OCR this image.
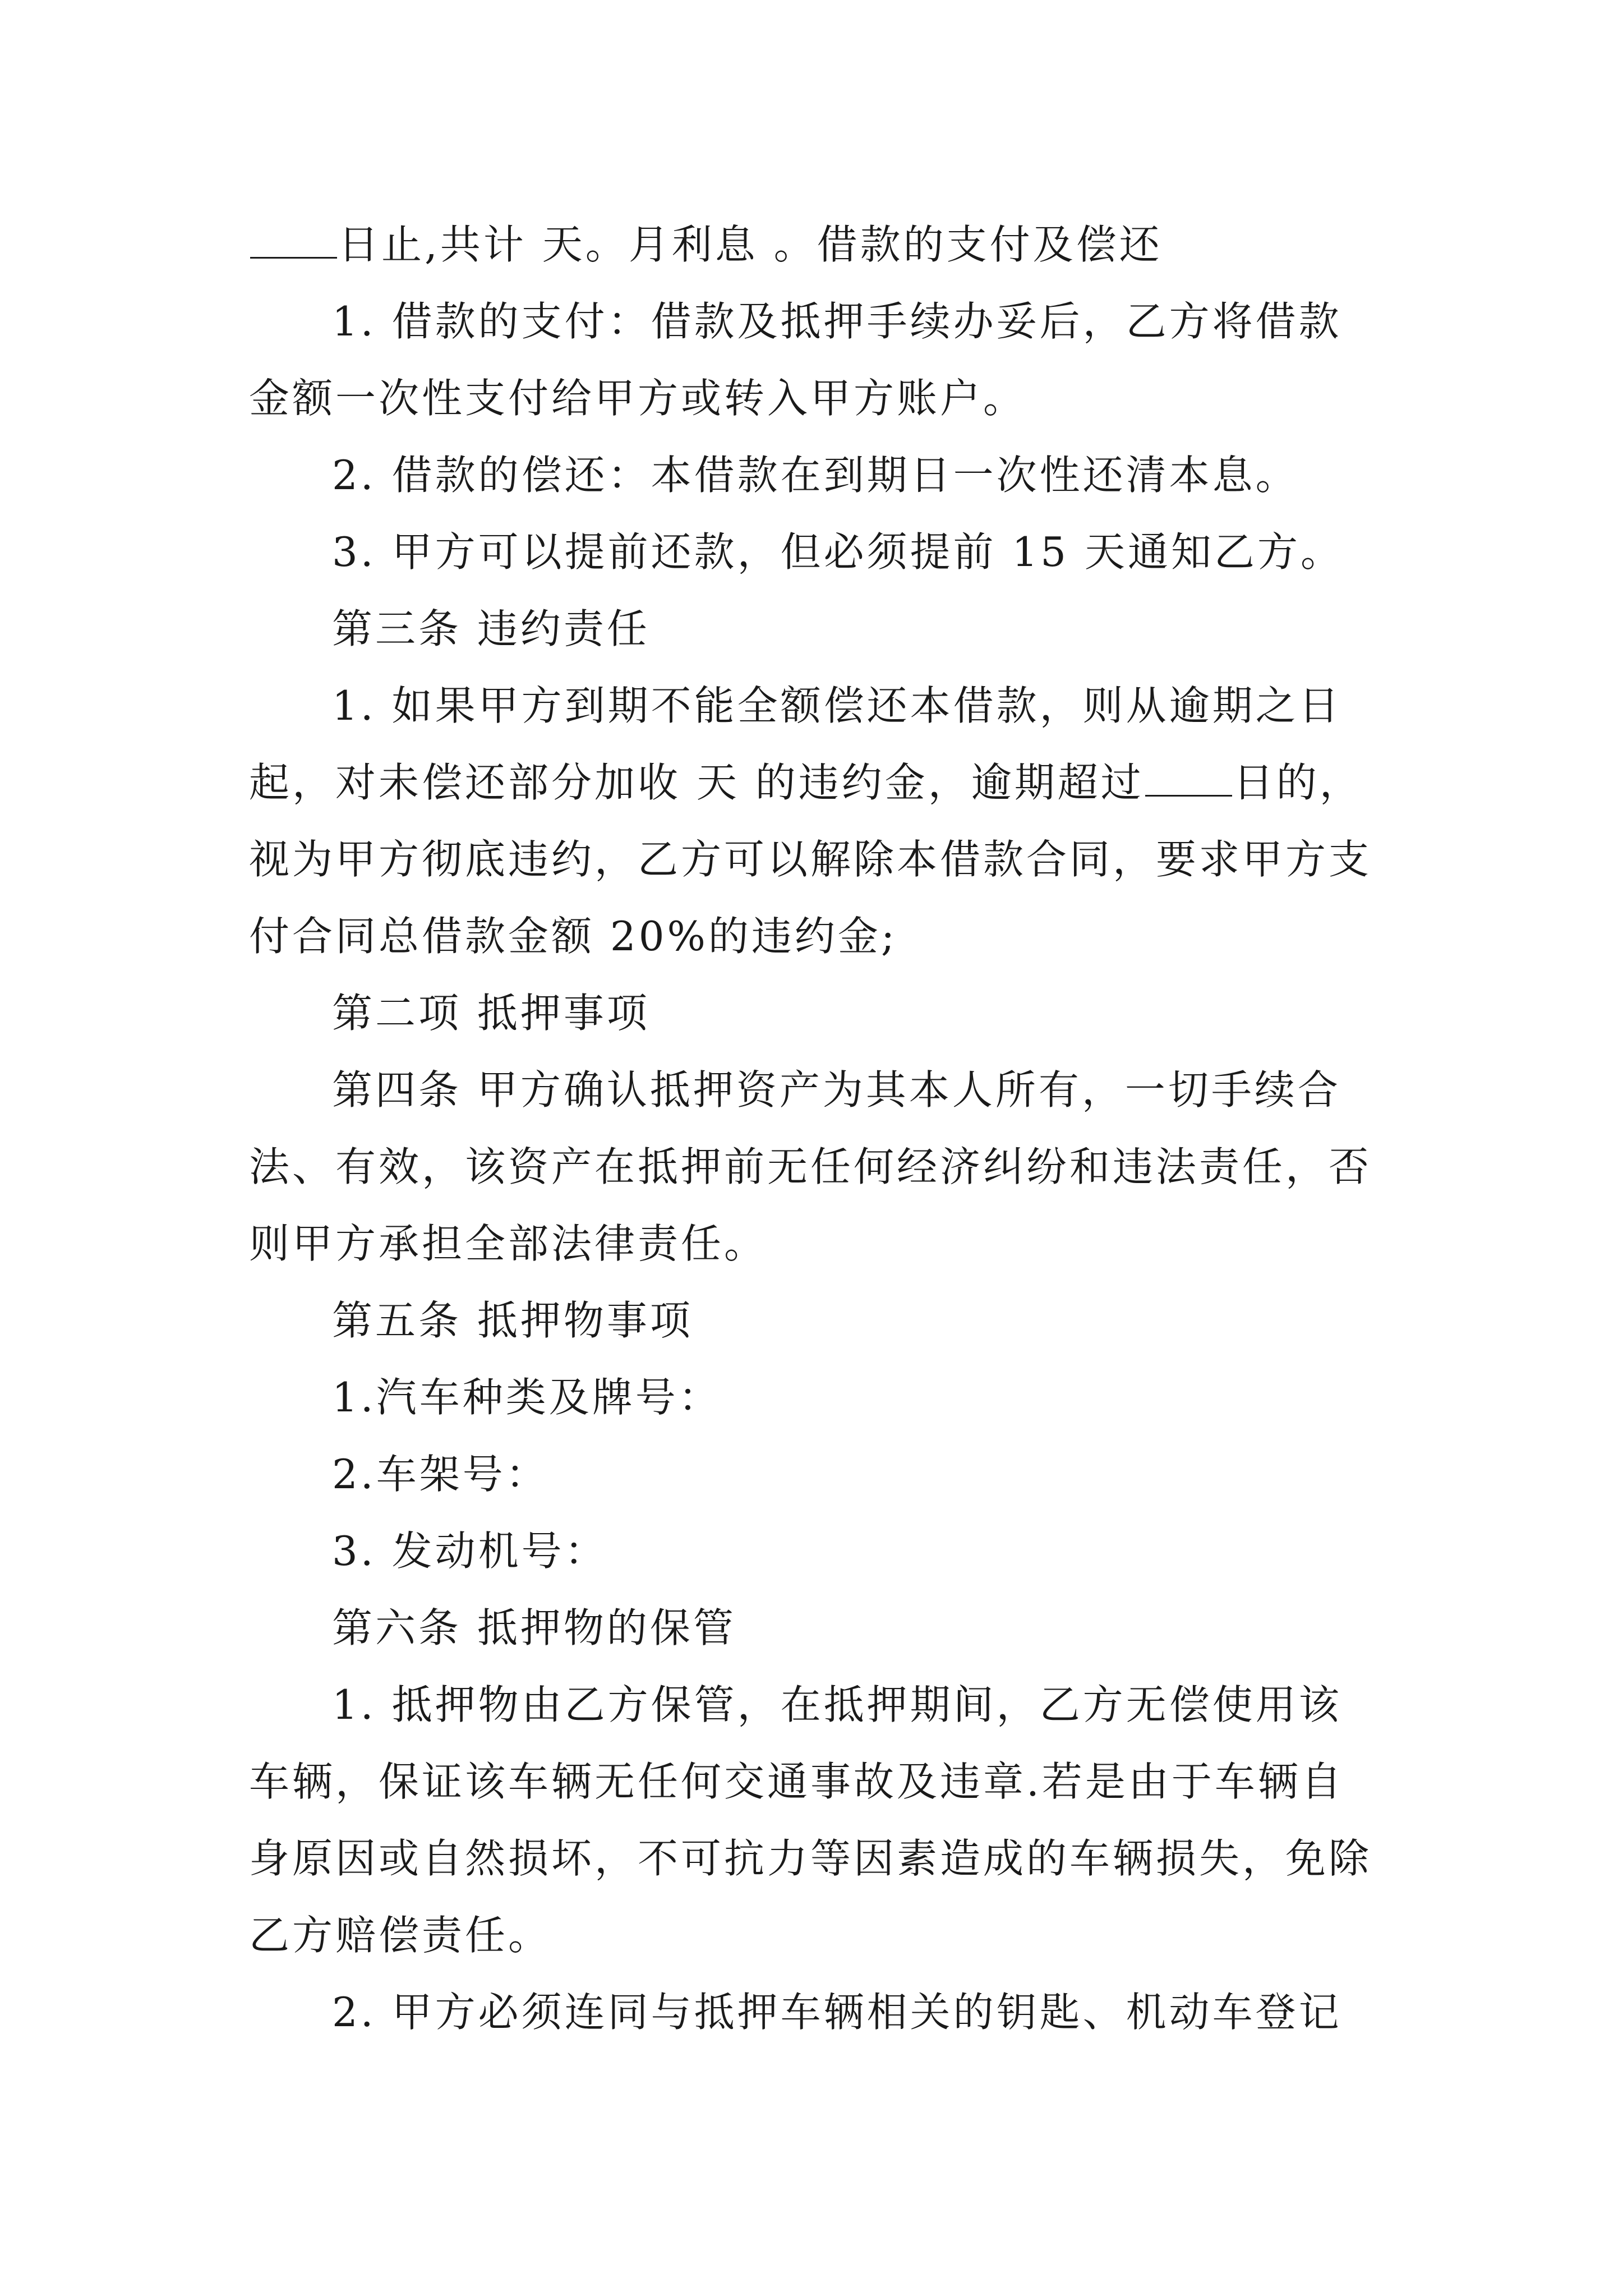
日止,共计 天。月利息 。借款的支付及偿还
1. 借款的支付：借款及抵押手续办妥后，乙方将借款
金额一次性支付给甲方或转入甲方账户。
2. 借款的偿还：本借款在到期日一次性还清本息。
3. 甲方可以提前还款，但必须提前 15 天通知乙方。
第三条 违约责任
1. 如果甲方到期不能全额偿还本借款，则从逾期之日
起，对未偿还部分加收 天 的违约金，逾期超过 日的，
视为甲方彻底违约，乙方可以解除本借款合同，要求甲方支
付合同总借款金额 20%的违约金;
第二项 抵押事项
第四条 甲方确认抵押资产为其本人所有，一切手续合
法、有效，该资产在抵押前无任何经济纠纷和违法责任，否
则甲方承担全部法律责任。
第五条 抵押物事项
1.汽车种类及牌号：
2.车架号：
3. 发动机号：
第六条 抵押物的保管
1. 抵押物由乙方保管，在抵押期间，乙方无偿使用该
车辆，保证该车辆无任何交通事故及违章.若是由于车辆自
身原因或自然损坏，不可抗力等因素造成的车辆损失，免除
乙方赔偿责任。
2. 甲方必须连同与抵押车辆相关的钥匙、机动车登记
